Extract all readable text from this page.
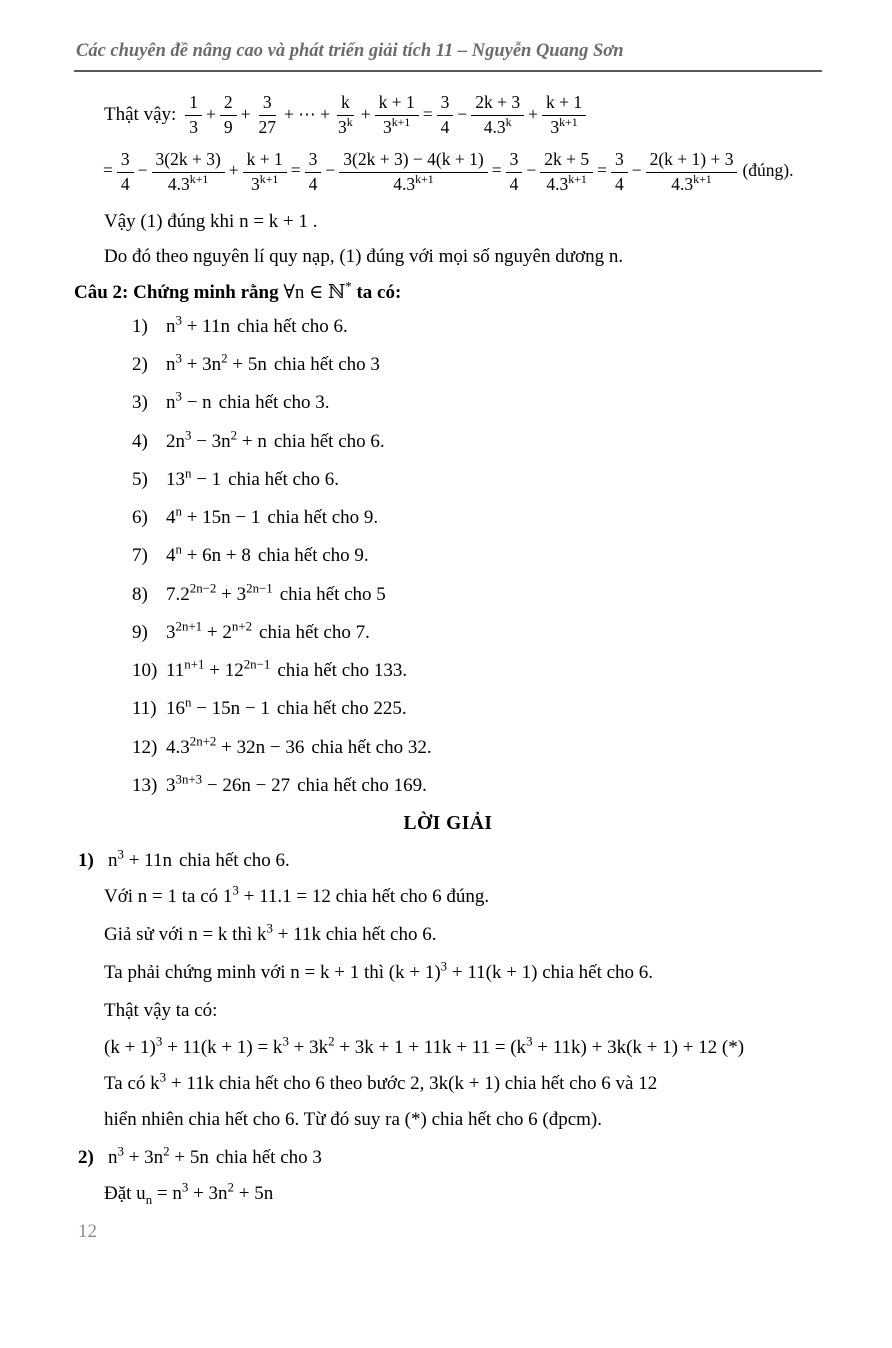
Các chuyên đề nâng cao và phát triển giải tích 11 – Nguyễn Quang Sơn
Thật vậy: $\frac{1}{3} + \frac{2}{9} + \frac{3}{27}$ + ⋯ + $\frac{k}{3^k} + \frac{k + 1}{3^{k+1}} = \frac{3}{4} - \frac{2k + 3}{4.3^k} + \frac{k + 1}{3^{k+1}}$
= $\frac{3}{4} - \frac{3(2k + 3)}{4.3^{k+1}} + \frac{k + 1}{3^{k+1}} = \frac{3}{4} - \frac{3(2k + 3) - 4(k + 1)}{4.3^{k+1}} = \frac{3}{4} - \frac{2k + 5}{4.3^{k+1}} = \frac{3}{4} - \frac{2(k + 1) + 3}{4.3^{k+1}}$ (đúng).
Vậy (1) đúng khi n = k + 1 .
Do đó theo nguyên lí quy nạp, (1) đúng với mọi số nguyên dương n.
Câu 2: Chứng minh rằng ∀n ∈ ℕ* ta có:
1) $n^3 + 11n$ chia hết cho 6.
2) $n^3 + 3n^2 + 5n$ chia hết cho 3
3) $n^3 - n$ chia hết cho 3.
4) $2n^3 - 3n^2 + n$ chia hết cho 6.
5) $13^n - 1$ chia hết cho 6.
6) $4^n + 15n - 1$ chia hết cho 9.
7) $4^n + 6n + 8$ chia hết cho 9.
8) $7.2^{2n-2} + 3^{2n-1}$ chia hết cho 5
9) $3^{2n+1} + 2^{n+2}$ chia hết cho 7.
10) $11^{n+1} + 12^{2n-1}$ chia hết cho 133.
11) $16^n - 15n - 1$ chia hết cho 225.
12) $4.3^{2n+2} + 32n - 36$ chia hết cho 32.
13) $3^{3n+3} - 26n - 27$ chia hết cho 169.
LỜI GIẢI
1) $n^3 + 11n$ chia hết cho 6.
Với n = 1 ta có $1^3 + 11.1 = 12$ chia hết cho 6 đúng.
Giả sử với n = k thì $k^3 + 11k$ chia hết cho 6.
Ta phải chứng minh với n = k + 1 thì $(k + 1)^3 + 11(k + 1)$ chia hết cho 6.
Thật vậy ta có:
$(k + 1)^3 + 11(k + 1) = k^3 + 3k^2 + 3k + 1 + 11k + 11 = (k^3 + 11k) + 3k(k + 1) + 12$ (*)
Ta có $k^3 + 11k$ chia hết cho 6 theo bước 2, 3k(k + 1) chia hết cho 6 và 12
hiển nhiên chia hết cho 6. Từ đó suy ra (*) chia hết cho 6 (đpcm).
2) $n^3 + 3n^2 + 5n$ chia hết cho 3
Đặt $u_n = n^3 + 3n^2 + 5n$
12
